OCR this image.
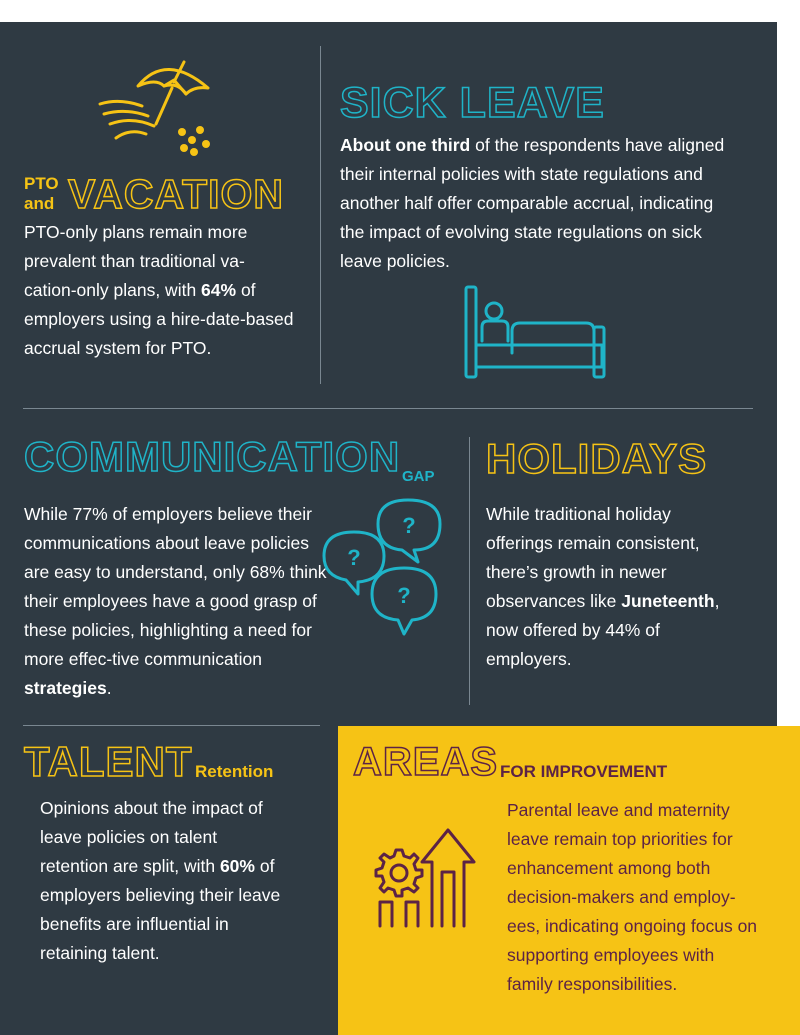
PTO
and VACATION

PTO-only plans remain more prevalent than traditional va-cation-only plans, with 64% of employers using a hire-date-based accrual system for PTO.

SICK LEAVE

About one third of the respondents have aligned their internal policies with state regulations and another half offer comparable accrual, indicating the impact of evolving state regulations on sick leave policies.

COMMUNICATION GAP

While 77% of employers believe their communications about leave policies are easy to understand, only 68% think their employees have a good grasp of these policies, highlighting a need for more effec-tive communication strategies.

?
?
?
HOLIDAYS

While traditional holiday offerings remain consistent, there’s growth in newer observances like Juneteenth, now offered by 44% of employers.

TALENT Retention

Opinions about the impact of leave policies on talent retention are split, with 60% of employers believing their leave benefits are influential in retaining talent.

AREAS FOR IMPROVEMENT

Parental leave and maternity leave remain top priorities for enhancement among both decision-makers and employ-ees, indicating ongoing focus on supporting employees with family responsibilities.
